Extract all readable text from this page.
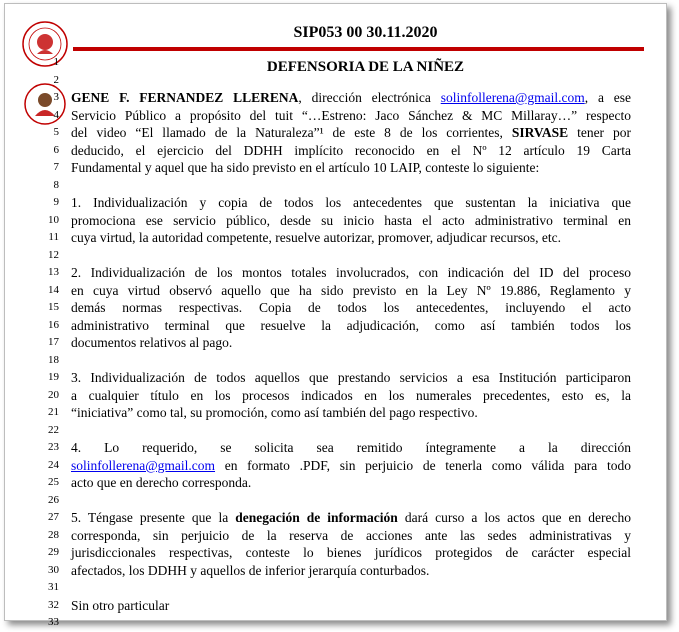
SIP053 00 30.11.2020
DEFENSORIA DE LA NIÑEZ
3
4
5
6
7
8
9
10
11
12
13
14
15
16
17
18
19
20
21
22
23
24
25
26
27
28
29
30
31
32
33
1
2
GENE F. FERNANDEZ LLERENA, dirección electrónica solinfollerena@gmail.com, a ese
Servicio Público a propósito del tuit “…Estreno: Jaco Sánchez & MC Millaray…” respecto
del video “El llamado de la Naturaleza”¹ de este 8 de los corrientes, SIRVASE tener por
deducido, el ejercicio del DDHH implícito reconocido en el Nº 12 artículo 19 Carta
Fundamental y aquel que ha sido previsto en el artículo 10 LAIP, conteste lo siguiente:
1. Individualización y copia de todos los antecedentes que sustentan la iniciativa que
promociona ese servicio público, desde su inicio hasta el acto administrativo terminal en
cuya virtud, la autoridad competente, resuelve autorizar, promover, adjudicar recursos, etc.
2. Individualización de los montos totales involucrados, con indicación del ID del proceso
en cuya virtud observó aquello que ha sido previsto en la Ley Nº 19.886, Reglamento y
demás normas respectivas. Copia de todos los antecedentes, incluyendo el acto
administrativo terminal que resuelve la adjudicación, como así también todos los
documentos relativos al pago.
3. Individualización de todos aquellos que prestando servicios a esa Institución participaron
a cualquier título en los procesos indicados en los numerales precedentes, esto es, la
“iniciativa” como tal, su promoción, como así también del pago respectivo.
4. Lo requerido, se solicita sea remitido íntegramente a la dirección
solinfollerena@gmail.com en formato .PDF, sin perjuicio de tenerla como válida para todo
acto que en derecho corresponda.
5. Téngase presente que la denegación de información dará curso a los actos que en derecho
corresponda, sin perjuicio de la reserva de acciones ante las sedes administrativas y
jurisdiccionales respectivas, conteste lo bienes jurídicos protegidos de carácter especial
afectados, los DDHH y aquellos de inferior jerarquía conturbados.
Sin otro particular
